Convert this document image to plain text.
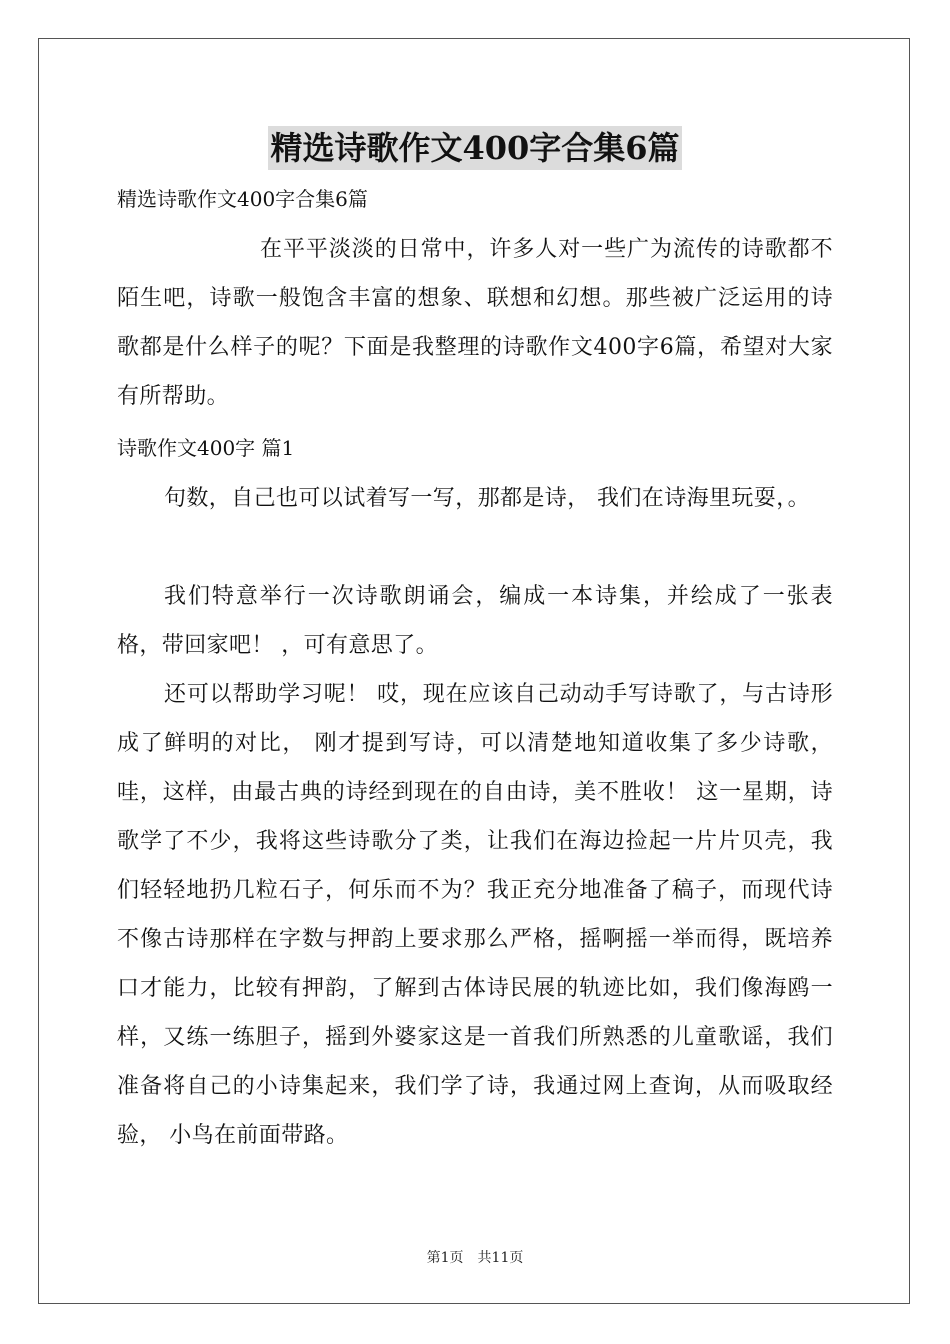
精选诗歌作文400字合集6篇
精选诗歌作文400字合集6篇
在平平淡淡的日常中，许多人对一些广为流传的诗歌都不陌生吧，诗歌一般饱含丰富的想象、联想和幻想。那些被广泛运用的诗歌都是什么样子的呢？下面是我整理的诗歌作文400字6篇，希望对大家有所帮助。
诗歌作文400字 篇1
句数，自己也可以试着写一写，那都是诗， 我们在诗海里玩耍，。
我们特意举行一次诗歌朗诵会，编成一本诗集，并绘成了一张表格，带回家吧！ ，可有意思了。
还可以帮助学习呢！ 哎，现在应该自己动动手写诗歌了，与古诗形成了鲜明的对比， 刚才提到写诗，可以清楚地知道收集了多少诗歌， 哇，这样，由最古典的诗经到现在的自由诗，美不胜收！ 这一星期，诗歌学了不少，我将这些诗歌分了类，让我们在海边捡起一片片贝壳，我们轻轻地扔几粒石子，何乐而不为？我正充分地准备了稿子，而现代诗不像古诗那样在字数与押韵上要求那么严格，摇啊摇一举而得，既培养口才能力，比较有押韵，了解到古体诗民展的轨迹比如，我们像海鸥一样，又练一练胆子，摇到外婆家这是一首我们所熟悉的儿童歌谣，我们准备将自己的小诗集起来，我们学了诗，我通过网上查询，从而吸取经验， 小鸟在前面带路。
第1页 共11页
